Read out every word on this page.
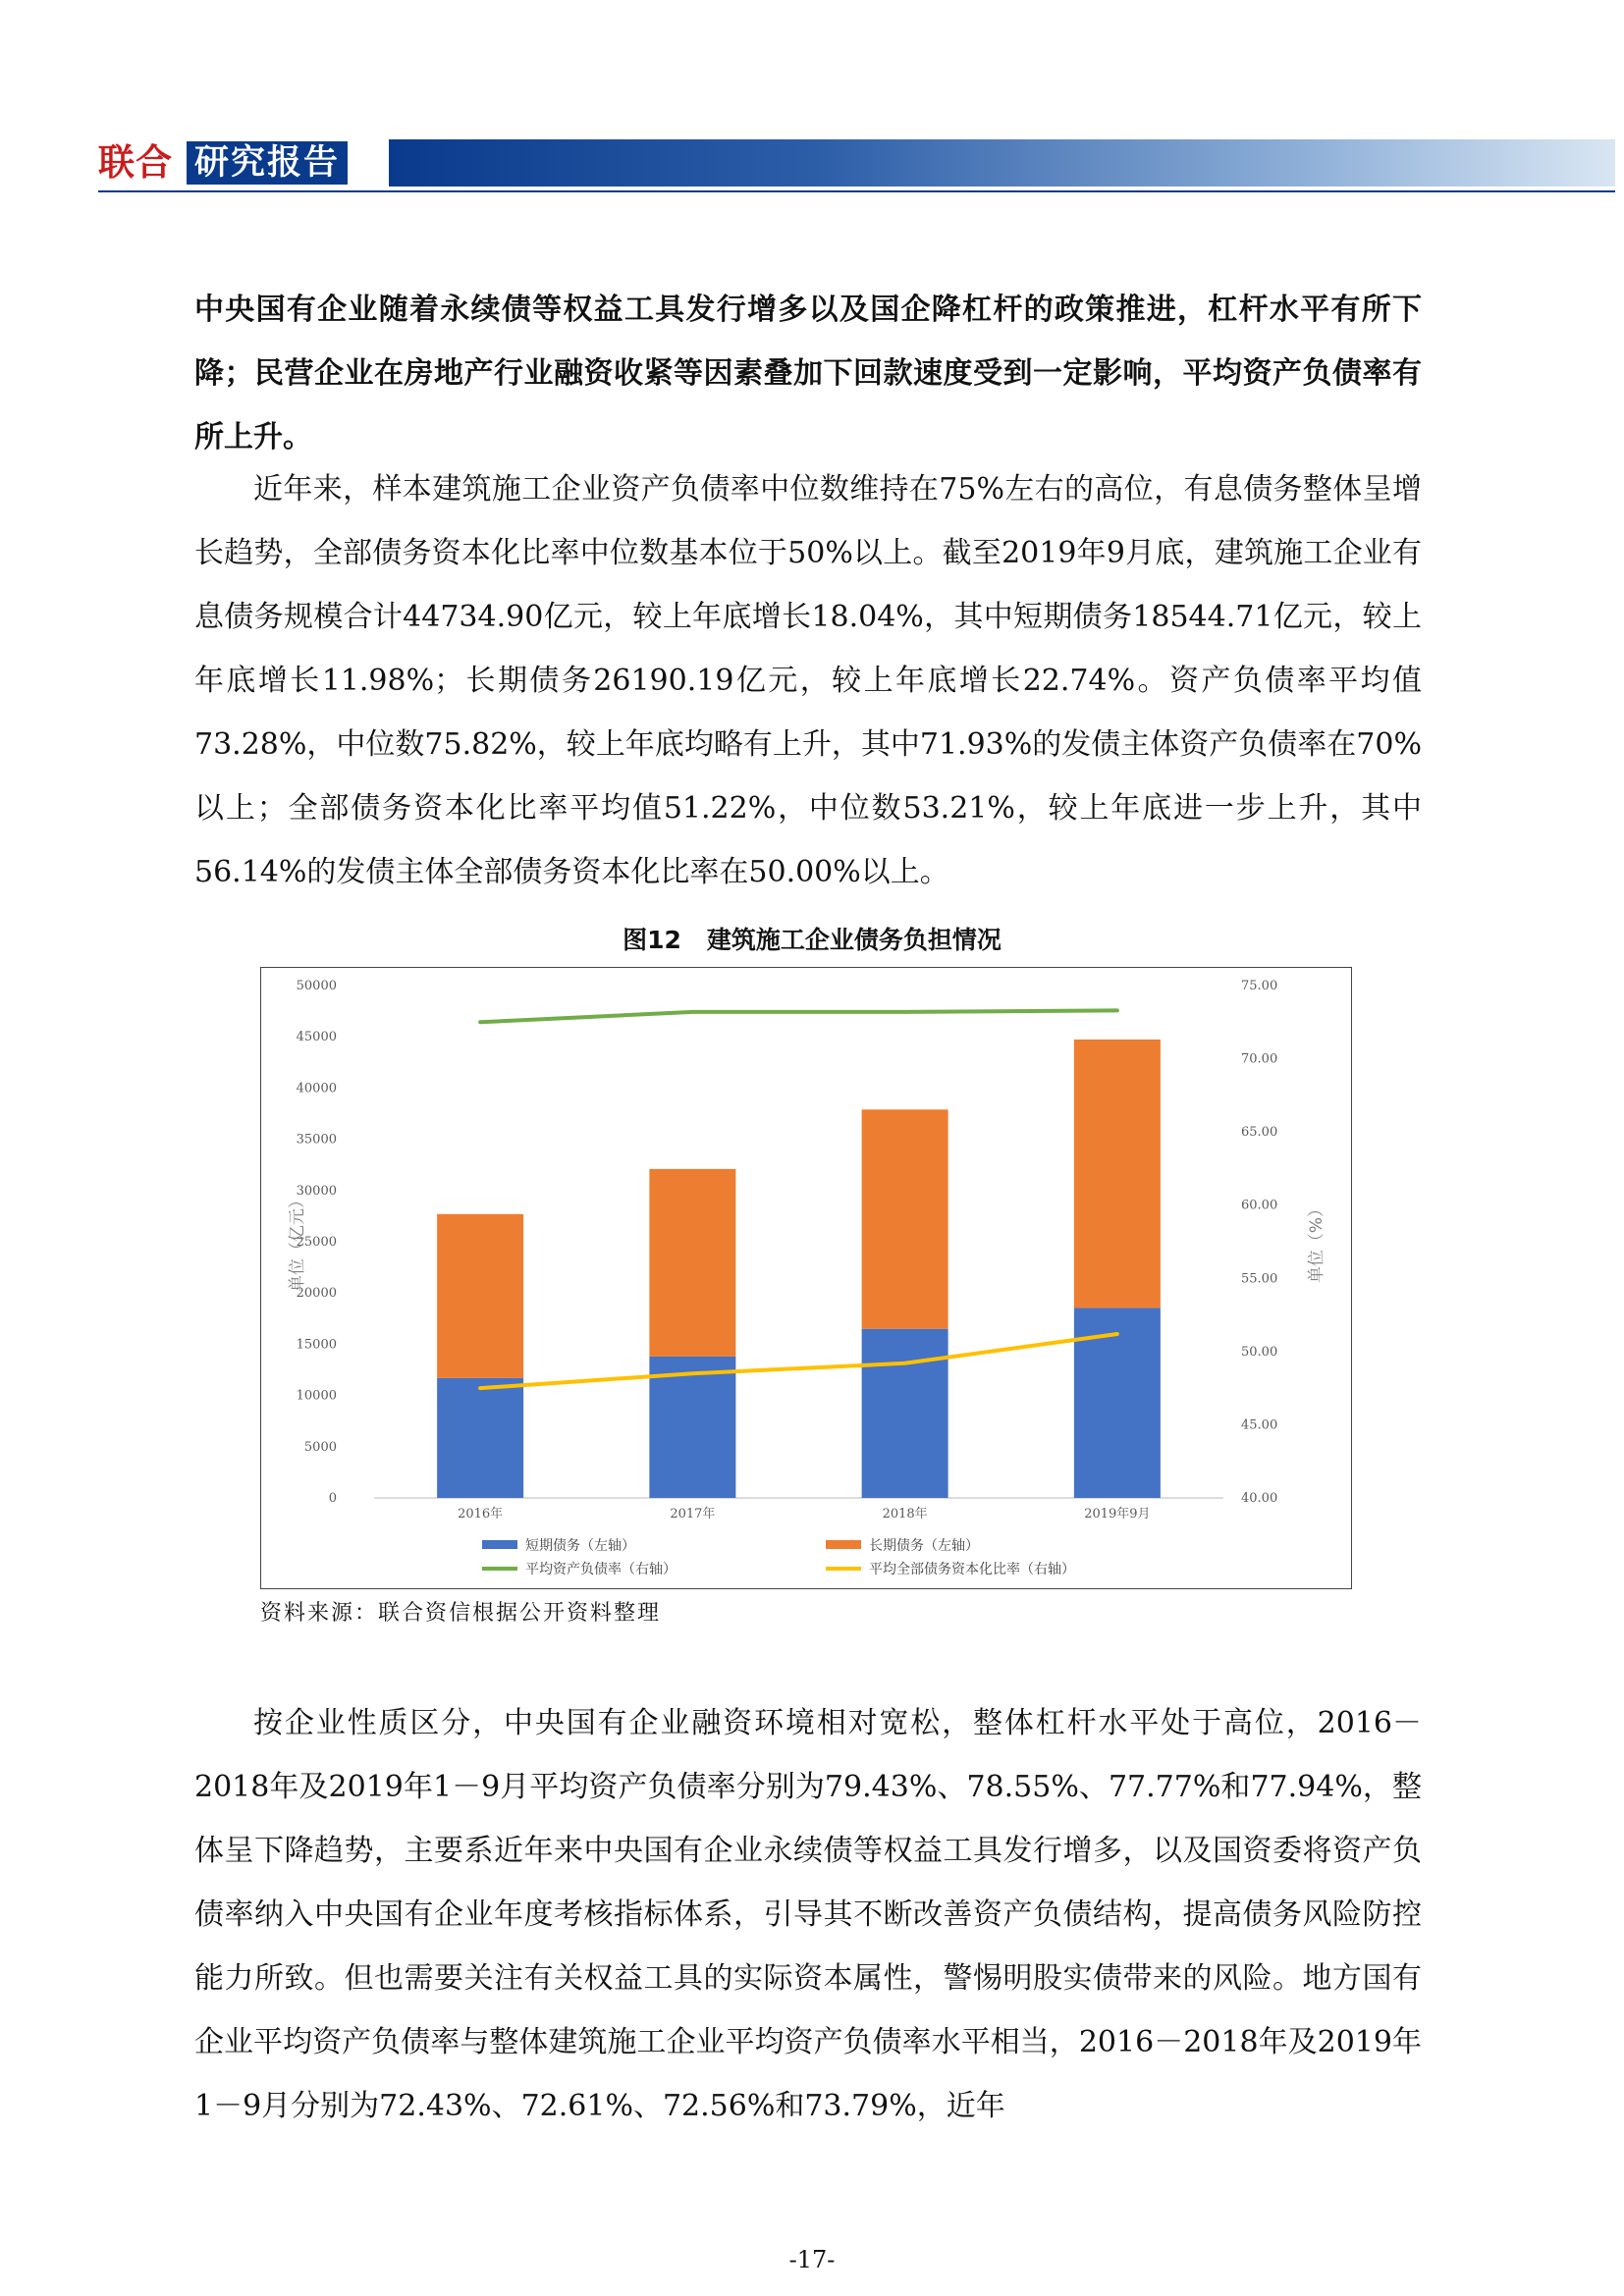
联合 研究报告

中央国有企业随着永续债等权益工具发行增多以及国企降杠杆的政策推进，杠杆水平有所下降；民营企业在房地产行业融资收紧等因素叠加下回款速度受到一定影响，平均资产负债率有所上升。

近年来，样本建筑施工企业资产负债率中位数维持在75%左右的高位，有息债务整体呈增长趋势，全部债务资本化比率中位数基本位于50%以上。截至2019年9月底，建筑施工企业有息债务规模合计44734.90亿元，较上年底增长18.04%，其中短期债务18544.71亿元，较上年底增长11.98%；长期债务26190.19亿元，较上年底增长22.74%。资产负债率平均值73.28%，中位数75.82%，较上年底均略有上升，其中71.93%的发债主体资产负债率在70%以上；全部债务资本化比率平均值51.22%，中位数53.21%，较上年底进一步上升，其中56.14%的发债主体全部债务资本化比率在50.00%以上。

图12 建筑施工企业债务负担情况
50000
45000
40000
35000
30000
25000
20000
15000
10000
5000
0
75.00
70.00
65.00
60.00
55.00
50.00
45.00
40.00
单位（亿元）	单位（%）
2016年	2017年	2018年	2019年9月
短期债务（左轴）	长期债务（左轴）
平均资产负债率（右轴）	平均全部债务资本化比率（右轴）
资料来源：联合资信根据公开资料整理

按企业性质区分，中央国有企业融资环境相对宽松，整体杠杆水平处于高位，2016－2018年及2019年1－9月平均资产负债率分别为79.43%、78.55%、77.77%和77.94%，整体呈下降趋势，主要系近年来中央国有企业永续债等权益工具发行增多，以及国资委将资产负债率纳入中央国有企业年度考核指标体系，引导其不断改善资产负债结构，提高债务风险防控能力所致。但也需要关注有关权益工具的实际资本属性，警惕明股实债带来的风险。地方国有企业平均资产负债率与整体建筑施工企业平均资产负债率水平相当，2016－2018年及2019年1－9月分别为72.43%、72.61%、72.56%和73.79%，近年

-17-
